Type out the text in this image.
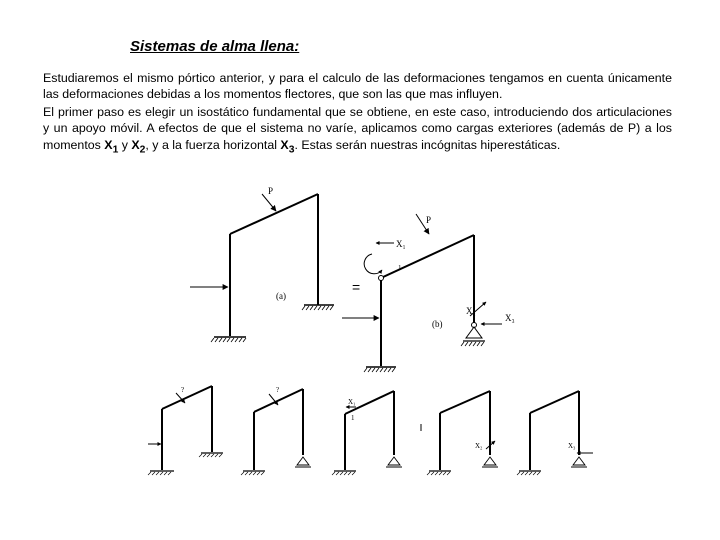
Sistemas de alma llena:
Estudiaremos el mismo pórtico anterior, y para el calculo de las deformaciones tengamos en cuenta únicamente las deformaciones debidas a los momentos flectores, que son las que mas influyen.
El primer paso es elegir un isostático fundamental que se obtiene, en este caso, introduciendo dos articulaciones y un apoyo móvil. A efectos de que el sistema no varíe, aplicamos como cargas exteriores (además de P) a los momentos $X_1$ y $X_2$, y a la fuerza horizontal $X_3$. Estas serán nuestras incógnitas hiperestáticas.
P
(a)
=
P
X₁
1
X₂
X₃
(b)
?	?
X₁
1
X₂	X₃
